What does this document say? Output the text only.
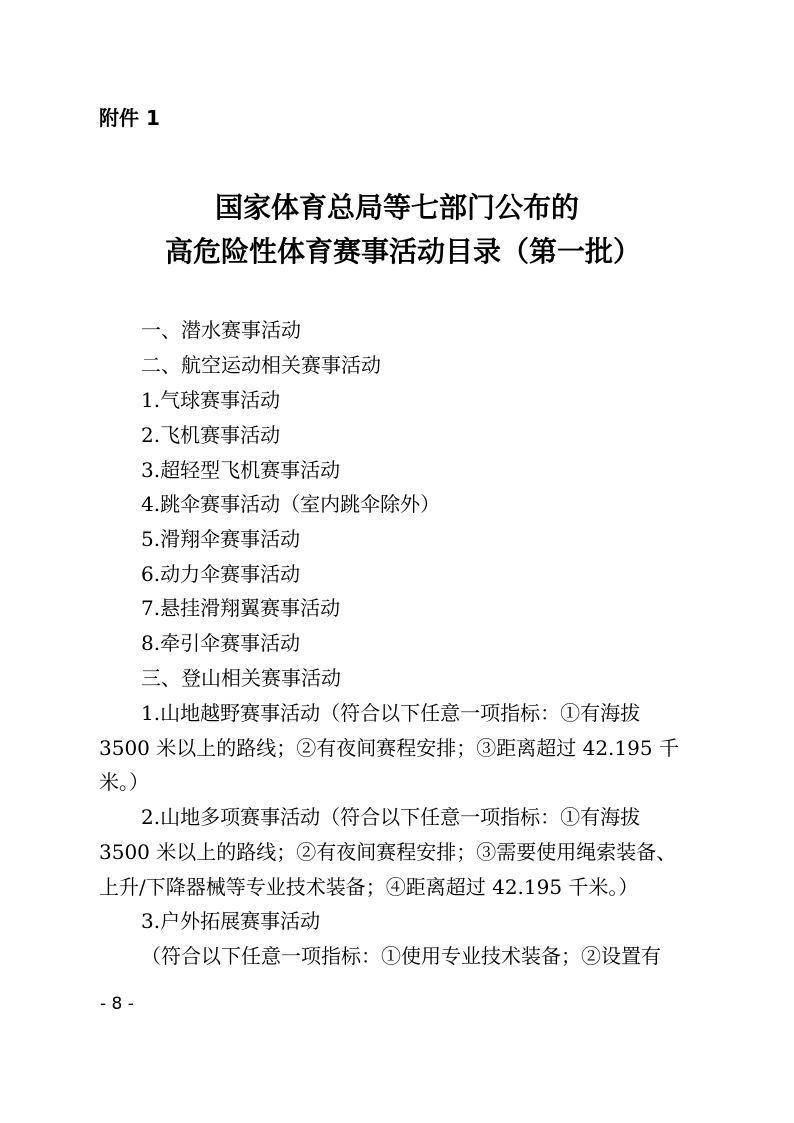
附件 1
国家体育总局等七部门公布的
高危险性体育赛事活动目录（第一批）
一、潜水赛事活动
二、航空运动相关赛事活动
1.气球赛事活动
2.飞机赛事活动
3.超轻型飞机赛事活动
4.跳伞赛事活动（室内跳伞除外）
5.滑翔伞赛事活动
6.动力伞赛事活动
7.悬挂滑翔翼赛事活动
8.牵引伞赛事活动
三、登山相关赛事活动
1.山地越野赛事活动（符合以下任意一项指标：①有海拔
3500 米以上的路线；②有夜间赛程安排；③距离超过 42.195 千
米。）
2.山地多项赛事活动（符合以下任意一项指标：①有海拔
3500 米以上的路线；②有夜间赛程安排；③需要使用绳索装备、
上升/下降器械等专业技术装备；④距离超过 42.195 千米。）
3.户外拓展赛事活动
（符合以下任意一项指标：①使用专业技术装备；②设置有
- 8 -
